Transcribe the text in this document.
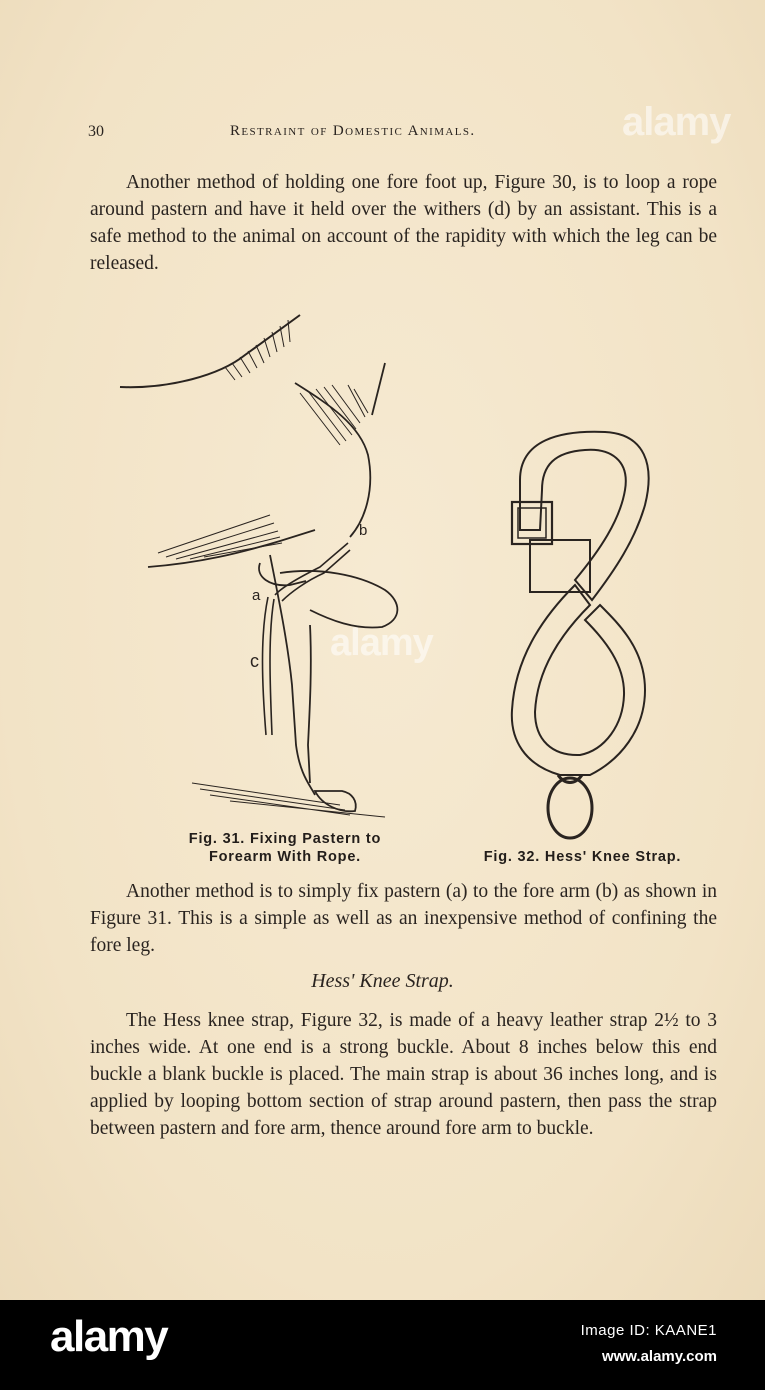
30	Restraint of Domestic Animals.
Another method of holding one fore foot up, Figure 30, is to loop a rope around pastern and have it held over the withers (d) by an assistant. This is a safe method to the animal on account of the rapidity with which the leg can be released.
a
b
c
Fig. 31. Fixing Pastern to
Forearm With Rope.	Fig. 32. Hess' Knee Strap.
Another method is to simply fix pastern (a) to the fore arm (b) as shown in Figure 31. This is a simple as well as an inexpensive method of confining the fore leg.
Hess' Knee Strap.
The Hess knee strap, Figure 32, is made of a heavy leather strap 2½ to 3 inches wide. At one end is a strong buckle. About 8 inches below this end buckle a blank buckle is placed. The main strap is about 36 inches long, and is applied by looping bottom section of strap around pastern, then pass the strap between pastern and fore arm, thence around fore arm to buckle.
alamy
alamy
alamy	Image ID: KAANE1
www.alamy.com
